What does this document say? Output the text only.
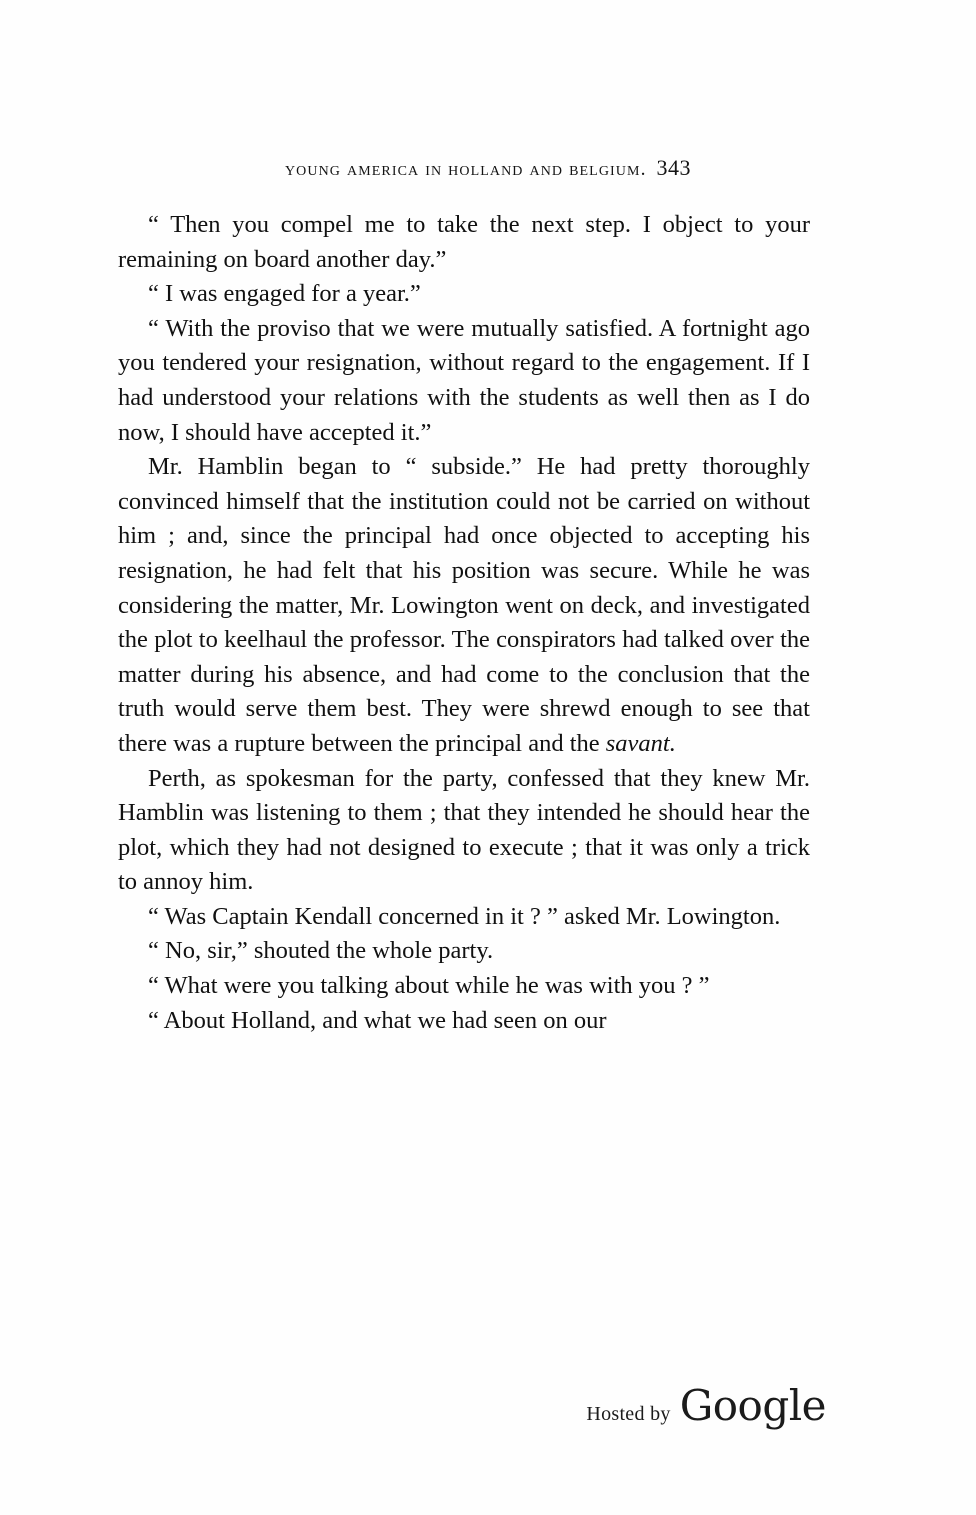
young america in holland and belgium. 343

“ Then you compel me to take the next step. I object to your remaining on board another day.”

“ I was engaged for a year.”

“ With the proviso that we were mutually satisfied. A fortnight ago you tendered your resignation, without regard to the engagement. If I had understood your relations with the students as well then as I do now, I should have accepted it.”

Mr. Hamblin began to “ subside.” He had pretty thoroughly convinced himself that the institution could not be carried on without him ; and, since the principal had once objected to accepting his resignation, he had felt that his position was secure. While he was considering the matter, Mr. Lowington went on deck, and investigated the plot to keelhaul the professor. The conspirators had talked over the matter during his absence, and had come to the conclusion that the truth would serve them best. They were shrewd enough to see that there was a rupture between the principal and the savant.

Perth, as spokesman for the party, confessed that they knew Mr. Hamblin was listening to them ; that they intended he should hear the plot, which they had not designed to execute ; that it was only a trick to annoy him.

“ Was Captain Kendall concerned in it ? ” asked Mr. Lowington.

“ No, sir,” shouted the whole party.

“ What were you talking about while he was with you ? ”

“ About Holland, and what we had seen on our

Hosted by Google
